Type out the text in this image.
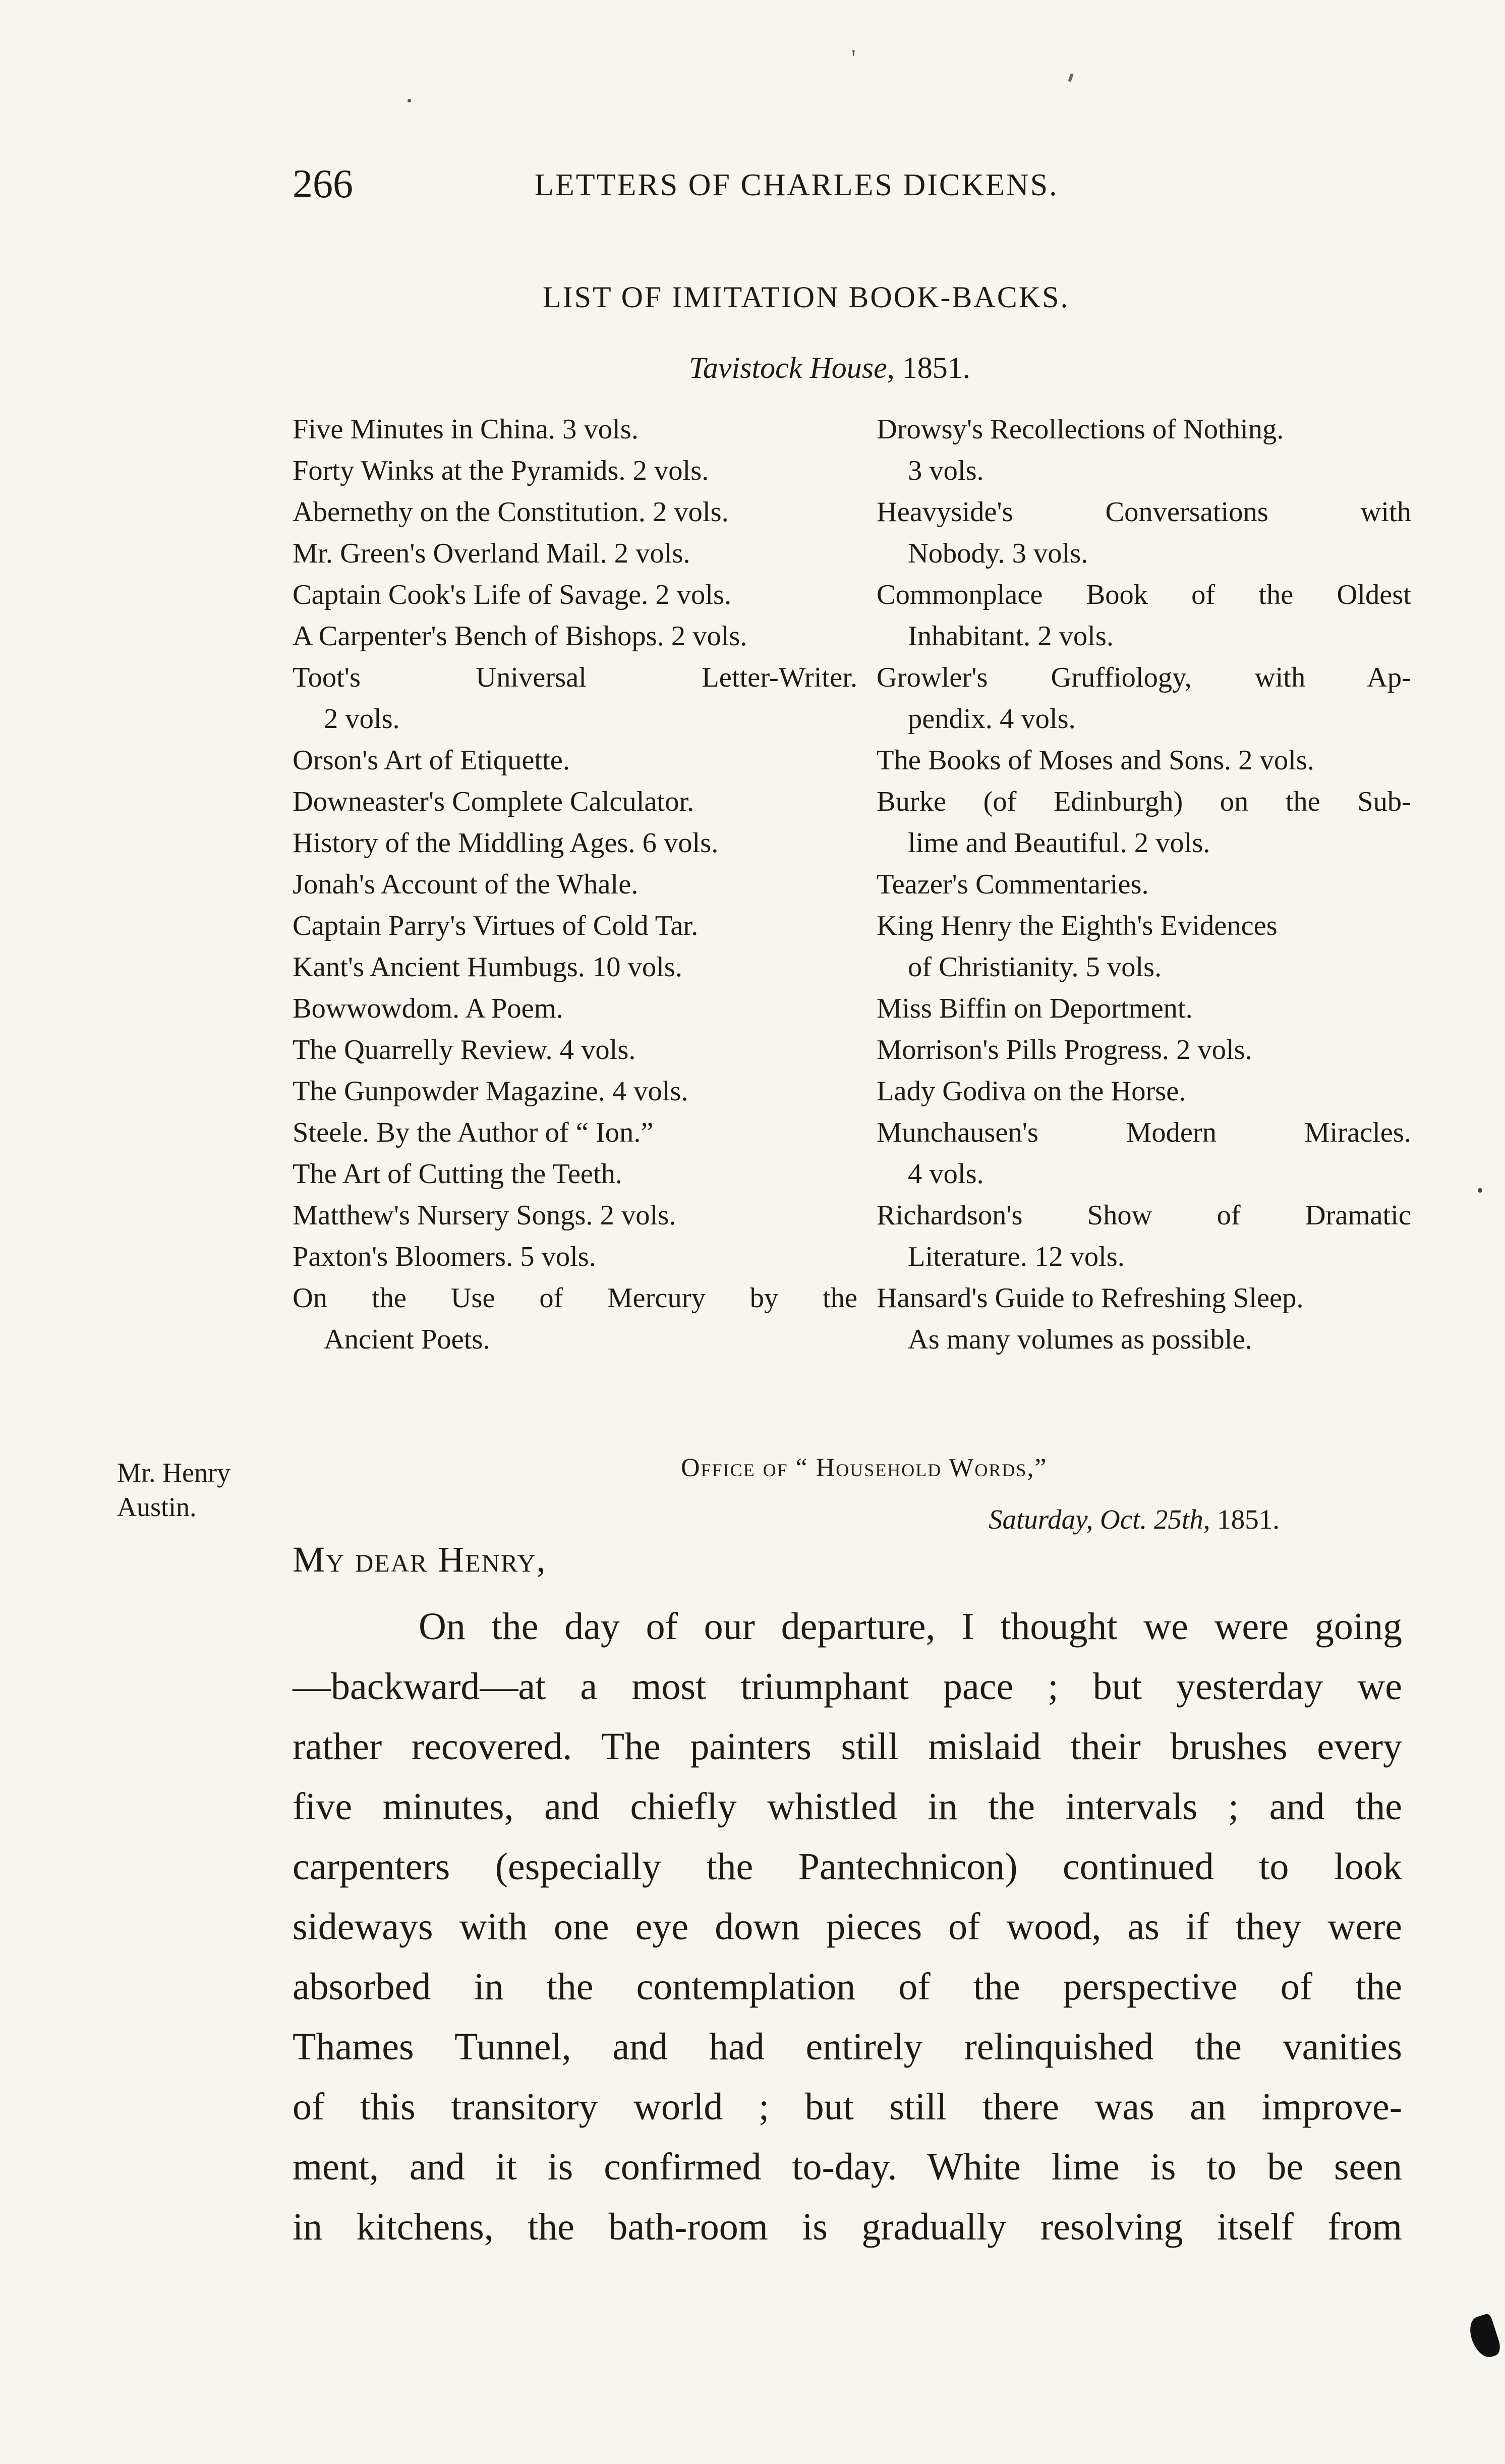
266	LETTERS OF CHARLES DICKENS.
LIST OF IMITATION BOOK-BACKS.
Tavistock House, 1851.
Five Minutes in China. 3 vols.
Forty Winks at the Pyramids. 2 vols.
Abernethy on the Constitution. 2 vols.
Mr. Green's Overland Mail. 2 vols.
Captain Cook's Life of Savage. 2 vols.
A Carpenter's Bench of Bishops. 2 vols.
Toot's Universal Letter-Writer.
2 vols.
Orson's Art of Etiquette.
Downeaster's Complete Calculator.
History of the Middling Ages. 6 vols.
Jonah's Account of the Whale.
Captain Parry's Virtues of Cold Tar.
Kant's Ancient Humbugs. 10 vols.
Bowwowdom. A Poem.
The Quarrelly Review. 4 vols.
The Gunpowder Magazine. 4 vols.
Steele. By the Author of “ Ion.”
The Art of Cutting the Teeth.
Matthew's Nursery Songs. 2 vols.
Paxton's Bloomers. 5 vols.
On the Use of Mercury by the
Ancient Poets.
Drowsy's Recollections of Nothing.
3 vols.
Heavyside's Conversations with
Nobody. 3 vols.
Commonplace Book of the Oldest
Inhabitant. 2 vols.
Growler's Gruffiology, with Ap-
pendix. 4 vols.
The Books of Moses and Sons. 2 vols.
Burke (of Edinburgh) on the Sub-
lime and Beautiful. 2 vols.
Teazer's Commentaries.
King Henry the Eighth's Evidences
of Christianity. 5 vols.
Miss Biffin on Deportment.
Morrison's Pills Progress. 2 vols.
Lady Godiva on the Horse.
Munchausen's Modern Miracles.
4 vols.
Richardson's Show of Dramatic
Literature. 12 vols.
Hansard's Guide to Refreshing Sleep.
As many volumes as possible.
Mr. Henry Austin.
Office of “ Household Words,”
Saturday, Oct. 25th, 1851.
My dear Henry,
On the day of our departure, I thought we were going
—backward—at a most triumphant pace ; but yesterday we
rather recovered. The painters still mislaid their brushes every
five minutes, and chiefly whistled in the intervals ; and the
carpenters (especially the Pantechnicon) continued to look
sideways with one eye down pieces of wood, as if they were
absorbed in the contemplation of the perspective of the
Thames Tunnel, and had entirely relinquished the vanities
of this transitory world ; but still there was an improve-
ment, and it is confirmed to-day. White lime is to be seen
in kitchens, the bath-room is gradually resolving itself from
'
